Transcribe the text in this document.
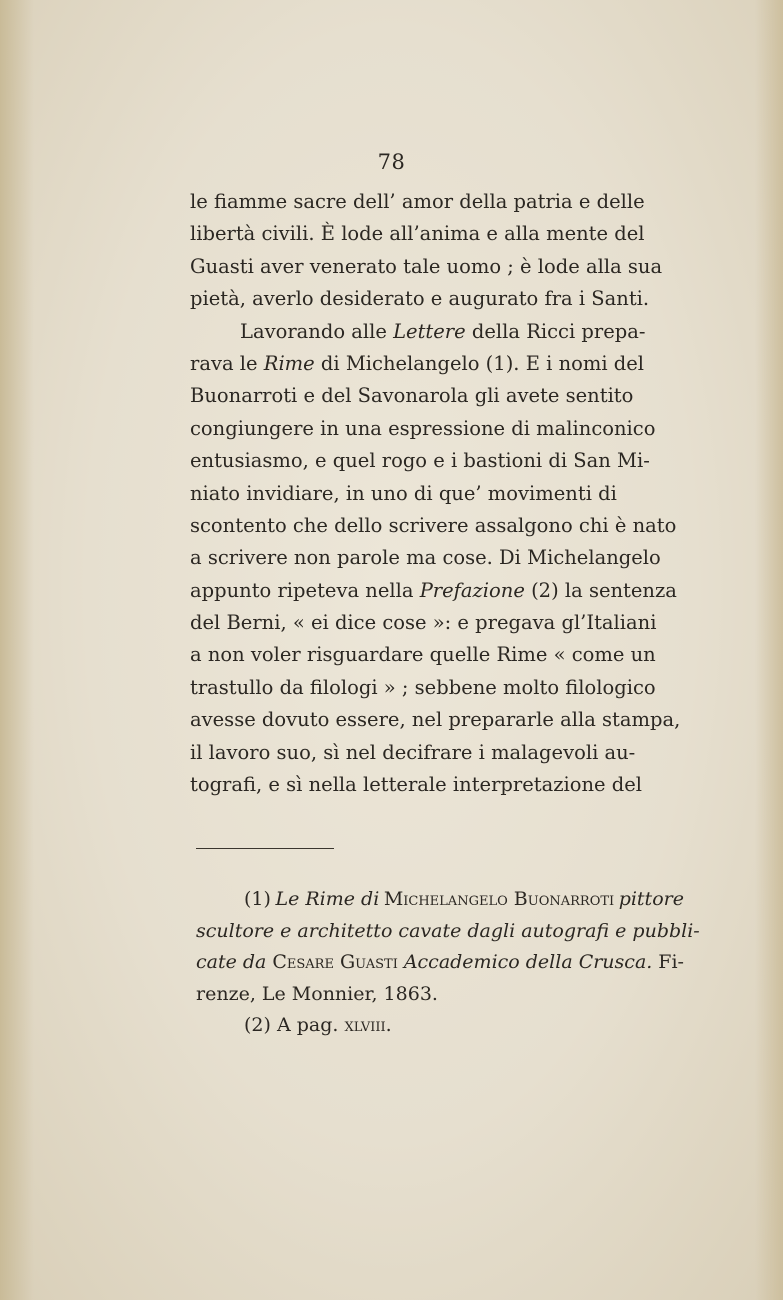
78
le fiamme sacre dell’ amor della patria e delle
libertà civili. È lode all’anima e alla mente del
Guasti aver venerato tale uomo ; è lode alla sua
pietà, averlo desiderato e augurato fra i Santi.
Lavorando alle Lettere della Ricci prepa-
rava le Rime di Michelangelo (1). E i nomi del
Buonarroti e del Savonarola gli avete sentito
congiungere in una espressione di malinconico
entusiasmo, e quel rogo e i bastioni di San Mi-
niato invidiare, in uno di que’ movimenti di
scontento che dello scrivere assalgono chi è nato
a scrivere non parole ma cose. Di Michelangelo
appunto ripeteva nella Prefazione (2) la sentenza
del Berni, « ei dice cose »: e pregava gl’Italiani
a non voler risguardare quelle Rime « come un
trastullo da filologi » ; sebbene molto filologico
avesse dovuto essere, nel prepararle alla stampa,
il lavoro suo, sì nel decifrare i malagevoli au-
tografi, e sì nella letterale interpretazione del
(1) Le Rime di Michelangelo Buonarroti pittore
scultore e architetto cavate dagli autografi e pubbli-
cate da Cesare Guasti Accademico della Crusca. Fi-
renze, Le Monnier, 1863.
(2) A pag. xlviii.
